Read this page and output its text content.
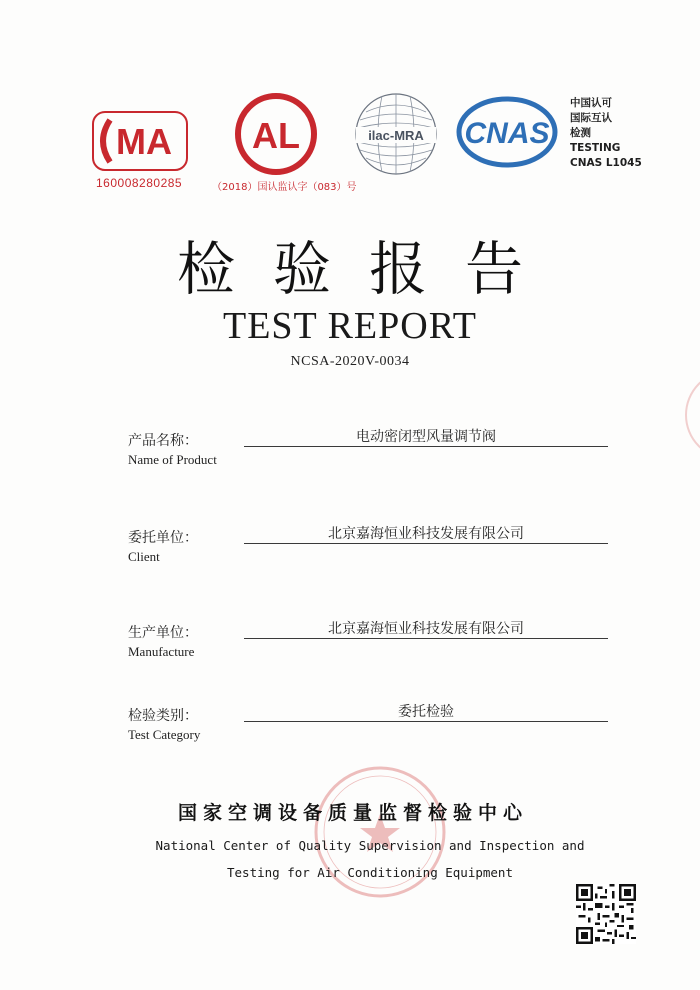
MA
160008280285
AL
（2018）国认监认字（083）号
ilac-MRA CNAS
中国认可
国际互认
检测
TESTING
CNAS L1045
检验报告
TEST REPORT
NCSA-2020V-0034
产品名称：
Name of Product
电动密闭型风量调节阀
委托单位：
Client
北京嘉海恒业科技发展有限公司
生产单位：
Manufacture
北京嘉海恒业科技发展有限公司
检验类别：
Test Category
委托检验
国家空调设备质量监督检验中心
National Center of Quality Supervision and Inspection and
Testing for Air Conditioning Equipment
